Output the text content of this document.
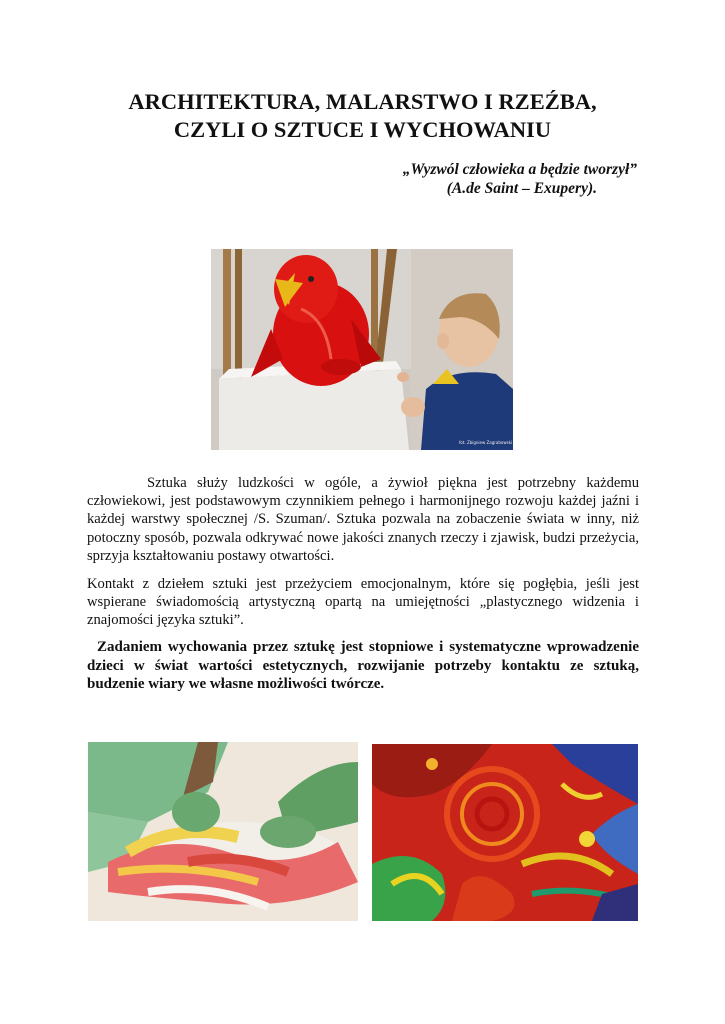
ARCHITEKTURA, MALARSTWO I RZEŹBA,
CZYLI O SZTUCE I WYCHOWANIU
„Wyzwól człowieka a będzie tworzył”
(A.de Saint – Exupery).
fot. Zbigniew Zagrabowski

Sztuka służy ludzkości w ogóle, a żywioł piękna jest potrzebny każdemu człowiekowi, jest podstawowym czynnikiem pełnego i harmonijnego rozwoju każdej jaźni i każdej warstwy społecznej /S. Szuman/. Sztuka pozwala na zobaczenie świata w inny, niż potoczny sposób, pozwala odkrywać nowe jakości znanych rzeczy i zjawisk, budzi przeżycia, sprzyja kształtowaniu postawy otwartości.

Kontakt z dziełem sztuki jest przeżyciem emocjonalnym, które się pogłębia, jeśli jest wspierane świadomością artystyczną opartą na umiejętności „plastycznego widzenia i znajomości języka sztuki”.

Zadaniem wychowania przez sztukę jest stopniowe i systematyczne wprowadzenie dzieci w świat wartości estetycznych, rozwijanie potrzeby kontaktu ze sztuką, budzenie wiary we własne możliwości twórcze.
